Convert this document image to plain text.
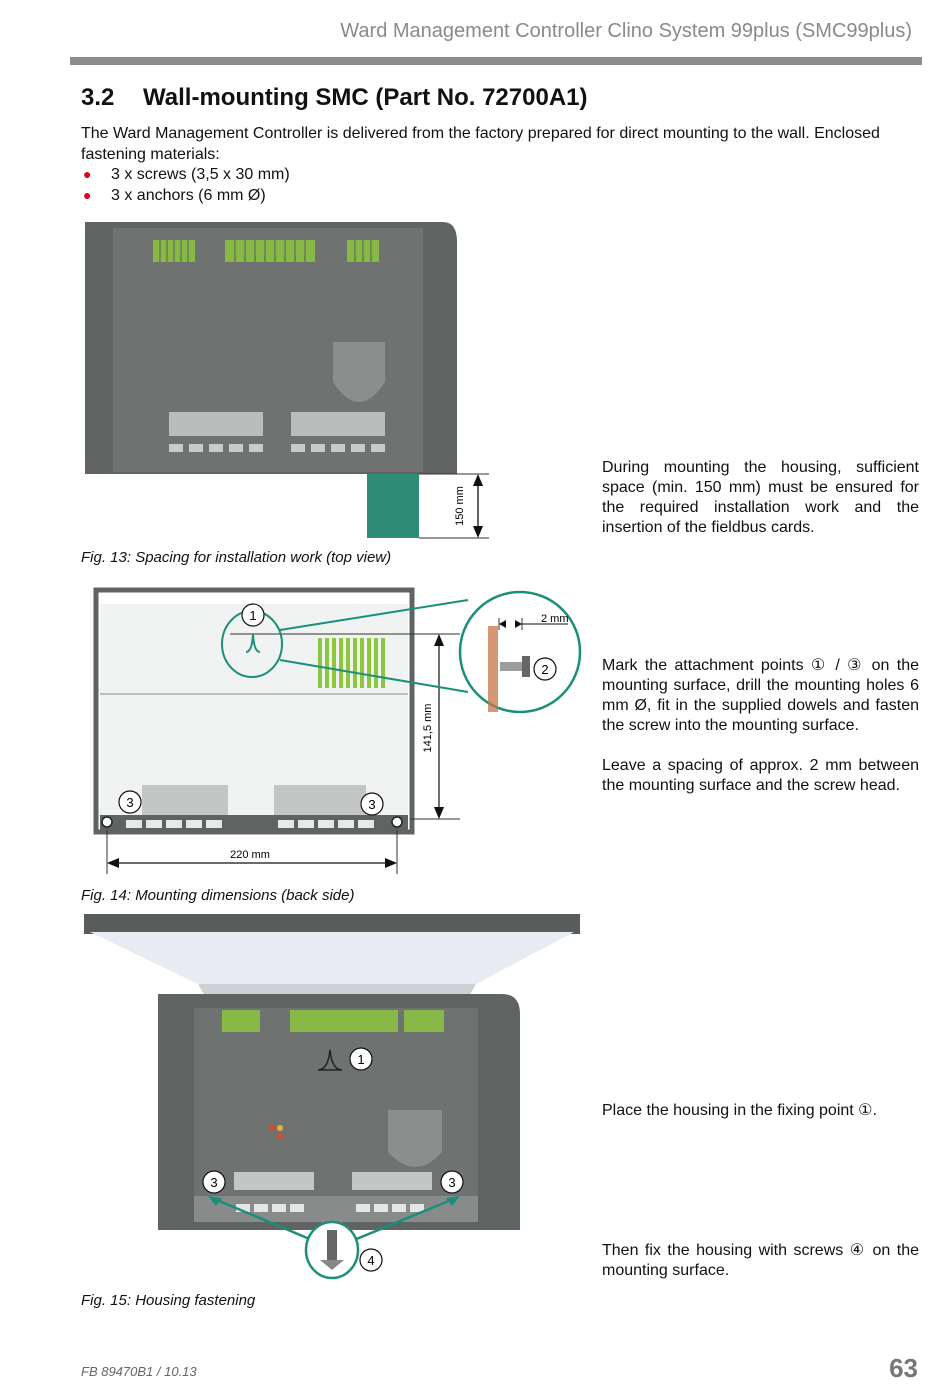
Ward Management Controller Clino System 99plus (SMC99plus)
3.2 Wall-mounting SMC (Part No. 72700A1)
The Ward Management Controller is delivered from the factory prepared for direct mounting to the wall. Enclosed fastening materials:
● 3 x screws (3,5 x 30 mm)
● 3 x anchors (6 mm Ø)
150 mm
During mounting the housing, sufficient space (min. 150 mm) must be ensured for the required installation work and the insertion of the fieldbus cards.
Fig. 13: Spacing for installation work (top view)
1
3	3
141,5 mm
220 mm
2 mm
2	Mark the attachment points ① / ③ on the mounting surface, drill the mounting holes 6 mm Ø, fit in the supplied dowels and fasten the screw into the mounting surface.
Leave a spacing of approx. 2 mm between the mounting surface and the screw head.
Fig. 14: Mounting dimensions (back side)
1
3	3
4
Place the housing in the fixing point ①.
Then fix the housing with screws ④ on the mounting surface.
Fig. 15: Housing fastening
FB 89470B1 / 10.13	63
